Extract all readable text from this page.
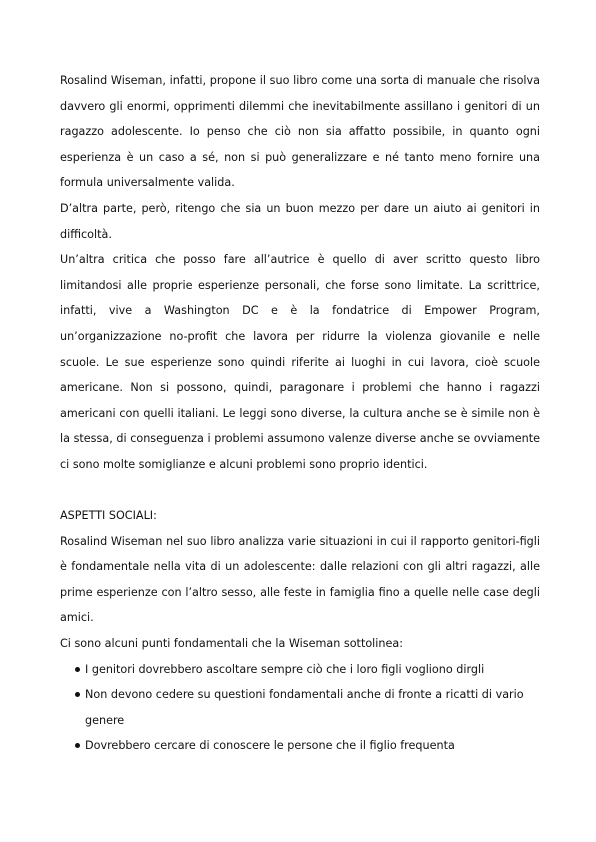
Rosalind Wiseman, infatti, propone il suo libro come una sorta di manuale che risolva davvero gli enormi, opprimenti dilemmi che inevitabilmente assillano i genitori di un ragazzo adolescente. Io penso che ciò non sia affatto possibile, in quanto ogni esperienza è un caso a sé, non si può generalizzare e né tanto meno fornire una formula universalmente valida.

D’altra parte, però, ritengo che sia un buon mezzo per dare un aiuto ai genitori in difficoltà.

Un’altra critica che posso fare all’autrice è quello di aver scritto questo libro limitandosi alle proprie esperienze personali, che forse sono limitate. La scrittrice, infatti, vive a Washington DC e è la fondatrice di Empower Program, un’organizzazione no-profit che lavora per ridurre la violenza giovanile e nelle scuole. Le sue esperienze sono quindi riferite ai luoghi in cui lavora, cioè scuole americane. Non si possono, quindi, paragonare i problemi che hanno i ragazzi americani con quelli italiani. Le leggi sono diverse, la cultura anche se è simile non è la stessa, di conseguenza i problemi assumono valenze diverse anche se ovviamente ci sono molte somiglianze e alcuni problemi sono proprio identici.

ASPETTI SOCIALI:

Rosalind Wiseman nel suo libro analizza varie situazioni in cui il rapporto genitori-figli è fondamentale nella vita di un adolescente: dalle relazioni con gli altri ragazzi, alle prime esperienze con l’altro sesso, alle feste in famiglia fino a quelle nelle case degli amici.

Ci sono alcuni punti fondamentali che la Wiseman sottolinea:

I genitori dovrebbero ascoltare sempre ciò che i loro figli vogliono dirgli
Non devono cedere su questioni fondamentali anche di fronte a ricatti di vario genere
Dovrebbero cercare di conoscere le persone che il figlio frequenta
